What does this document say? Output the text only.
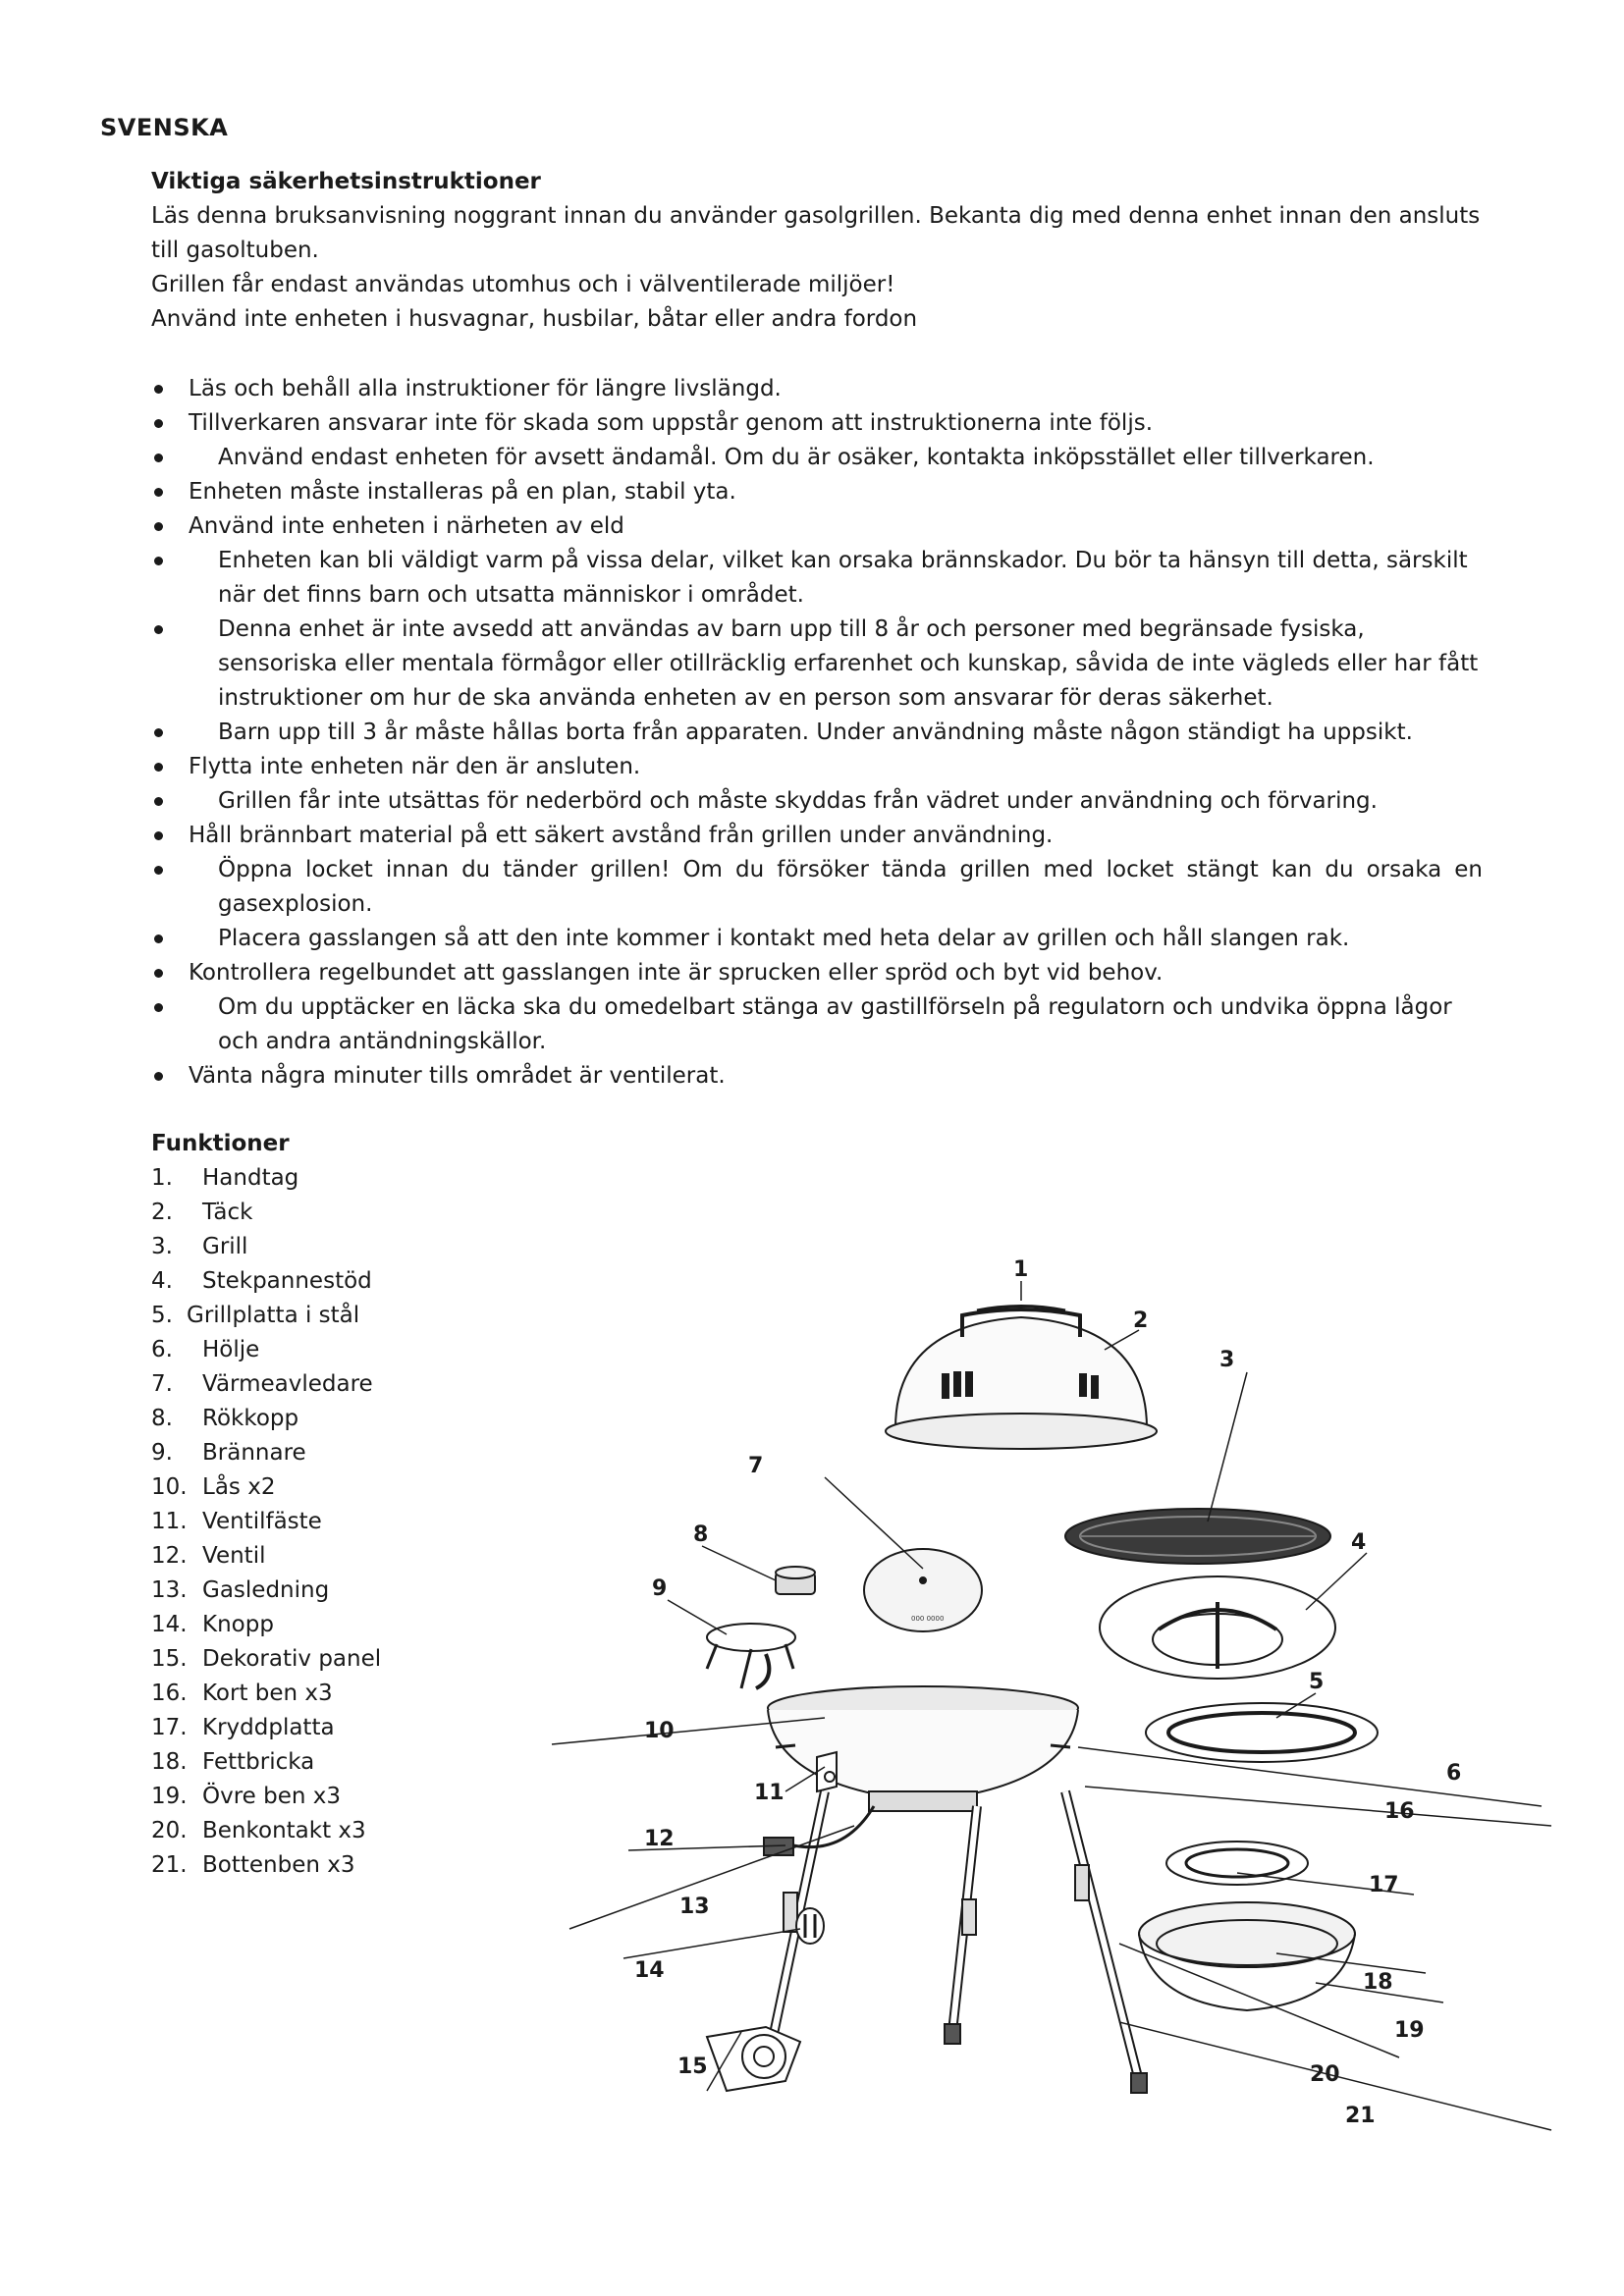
SVENSKA
Viktiga säkerhetsinstruktioner

Läs denna bruksanvisning noggrant innan du använder gasolgrillen. Bekanta dig med denna enhet innan den ansluts till gasoltuben.

Grillen får endast användas utomhus och i välventilerade miljöer!

Använd inte enheten i husvagnar, husbilar, båtar eller andra fordon

Läs och behåll alla instruktioner för längre livslängd.
Tillverkaren ansvarar inte för skada som uppstår genom att instruktionerna inte följs.
Använd endast enheten för avsett ändamål. Om du är osäker, kontakta inköpsstället eller tillverkaren.
Enheten måste installeras på en plan, stabil yta.
Använd inte enheten i närheten av eld
Enheten kan bli väldigt varm på vissa delar, vilket kan orsaka brännskador. Du bör ta hänsyn till detta, särskilt när det finns barn och utsatta människor i området.
Denna enhet är inte avsedd att användas av barn upp till 8 år och personer med begränsade fysiska, sensoriska eller mentala förmågor eller otillräcklig erfarenhet och kunskap, såvida de inte vägleds eller har fått instruktioner om hur de ska använda enheten av en person som ansvarar för deras säkerhet.
Barn upp till 3 år måste hållas borta från apparaten. Under användning måste någon ständigt ha uppsikt.
Flytta inte enheten när den är ansluten.
Grillen får inte utsättas för nederbörd och måste skyddas från vädret under användning och förvaring.
Håll brännbart material på ett säkert avstånd från grillen under användning.
Öppna locket innan du tänder grillen! Om du försöker tända grillen med locket stängt kan du orsaka en gasexplosion.
Placera gasslangen så att den inte kommer i kontakt med heta delar av grillen och håll slangen rak.
Kontrollera regelbundet att gasslangen inte är sprucken eller spröd och byt vid behov.
Om du upptäcker en läcka ska du omedelbart stänga av gastillförseln på regulatorn och undvika öppna lågor och andra antändningskällor.
Vänta några minuter tills området är ventilerat.
Funktioner
1.	Handtag
2.	Täck
3.	Grill
4.	Stekpannestöd
5. Grillplatta i stål
6.	Hölje
7.	Värmeavledare
8.	Rökkopp
9.	Brännare
10. Lås x2
11. Ventilfäste
12. Ventil
13. Gasledning
14. Knopp
15. Dekorativ panel
16. Kort ben x3
17. Kryddplatta
18. Fettbricka
19. Övre ben x3
20. Benkontakt x3
21. Bottenben x3
1
2
3
4
5
6
7
8
9
10
11
12
13
14
15
16
17
18
19
20
21
000 0000
